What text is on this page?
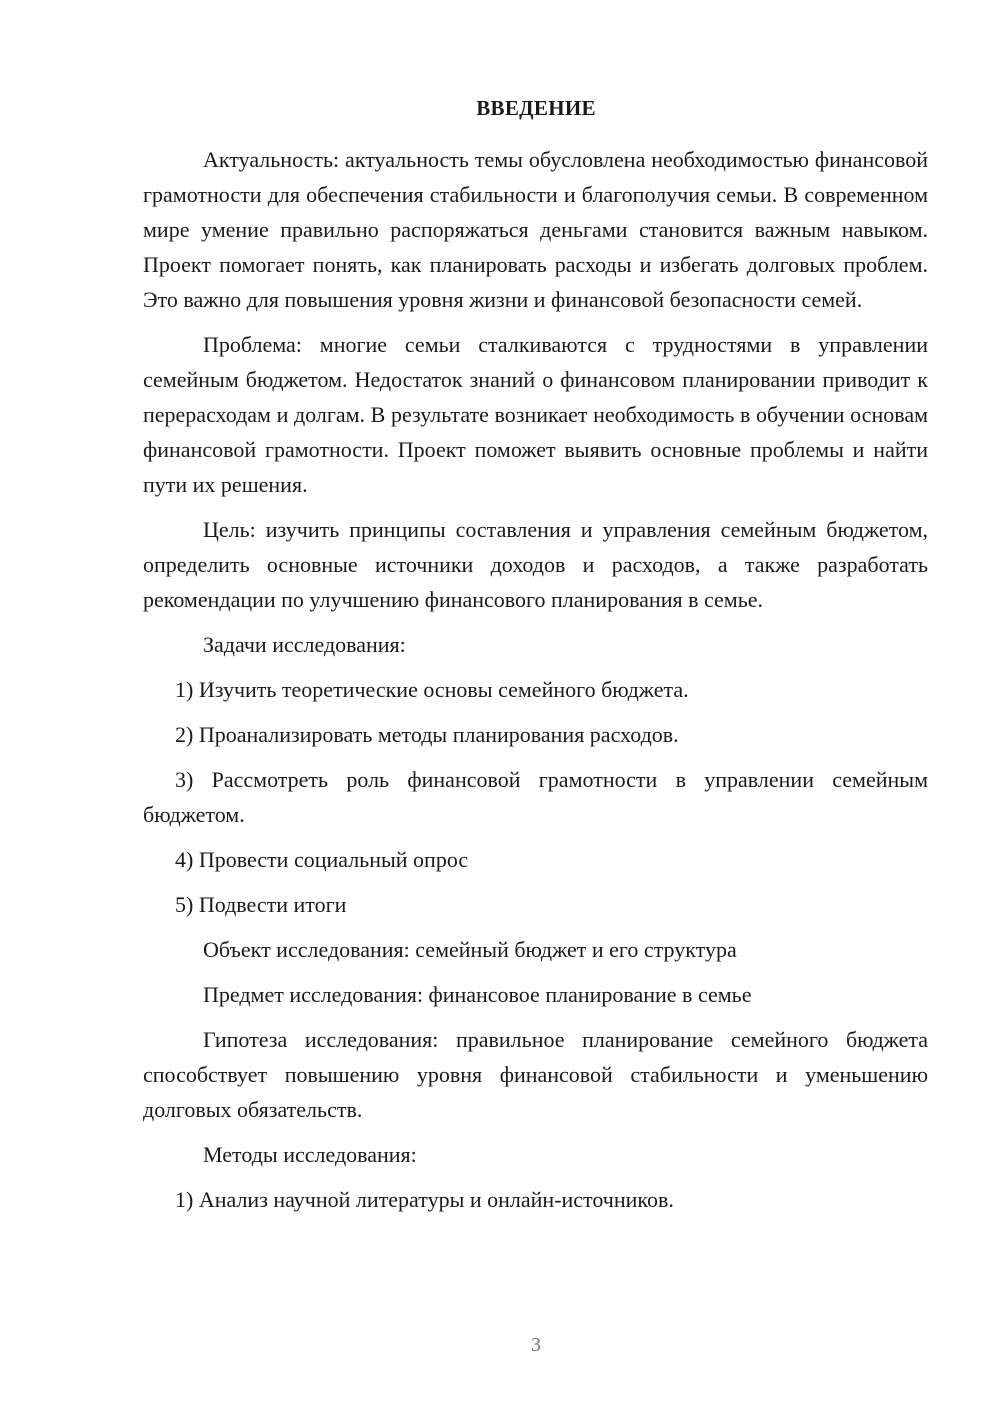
ВВЕДЕНИЕ

Актуальность: актуальность темы обусловлена необходимостью финансовой грамотности для обеспечения стабильности и благополучия семьи. В современном мире умение правильно распоряжаться деньгами становится важным навыком. Проект помогает понять, как планировать расходы и избегать долговых проблем. Это важно для повышения уровня жизни и финансовой безопасности семей.

Проблема: многие семьи сталкиваются с трудностями в управлении семейным бюджетом. Недостаток знаний о финансовом планировании приводит к перерасходам и долгам. В результате возникает необходимость в обучении основам финансовой грамотности. Проект поможет выявить основные проблемы и найти пути их решения.

Цель: изучить принципы составления и управления семейным бюджетом, определить основные источники доходов и расходов, а также разработать рекомендации по улучшению финансового планирования в семье.

Задачи исследования:

1) Изучить теоретические основы семейного бюджета.

2) Проанализировать методы планирования расходов.

3) Рассмотреть роль финансовой грамотности в управлении семейным бюджетом.

4) Провести социальный опрос

5) Подвести итоги

Объект исследования: семейный бюджет и его структура

Предмет исследования: финансовое планирование в семье

Гипотеза исследования: правильное планирование семейного бюджета способствует повышению уровня финансовой стабильности и уменьшению долговых обязательств.

Методы исследования:

1) Анализ научной литературы и онлайн-источников.

3
